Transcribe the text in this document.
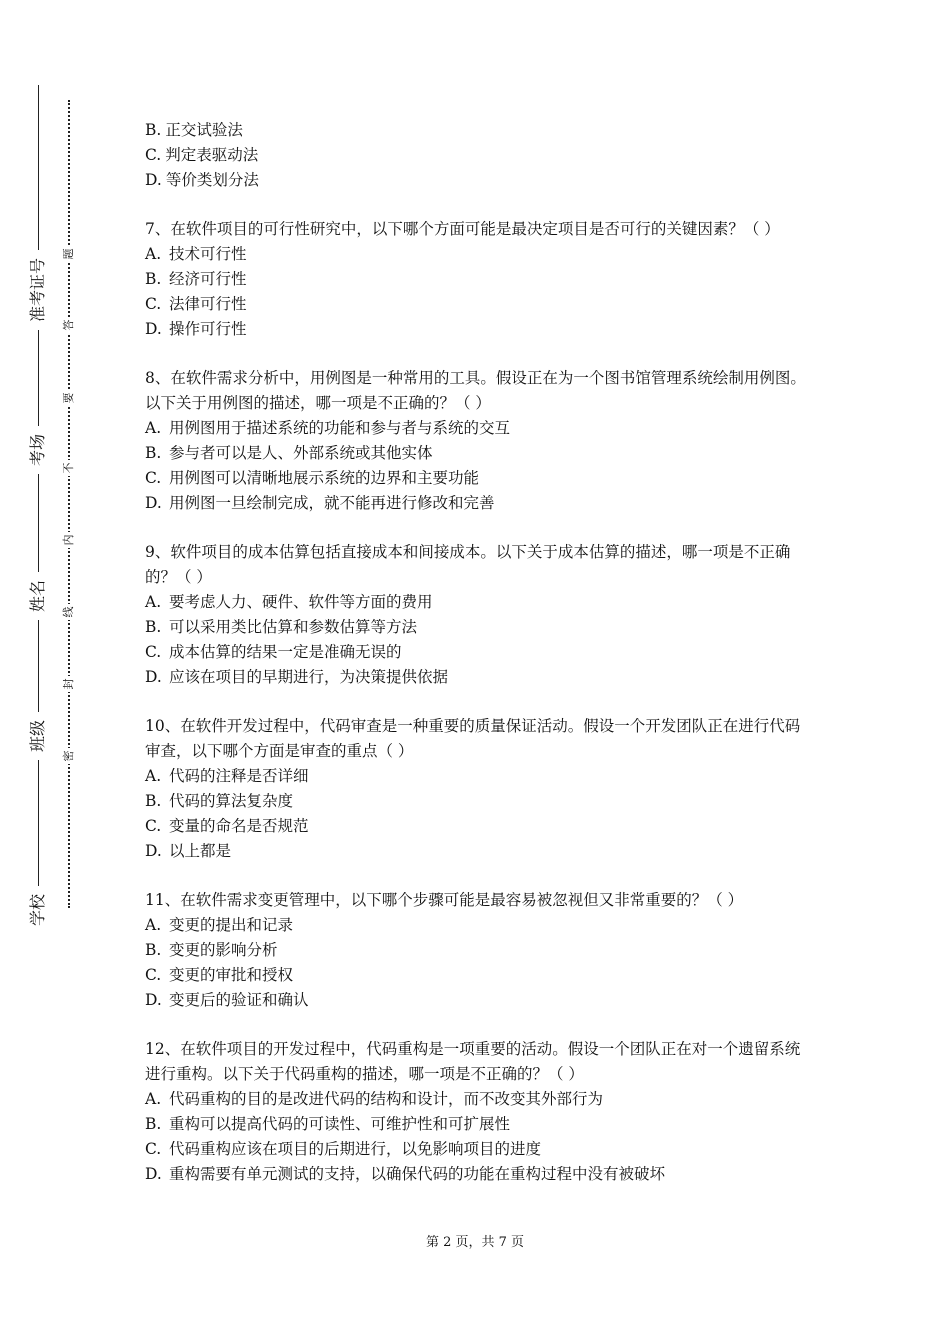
准考证号
考场
姓名
班级
学校
题
答
要
不
内
线
封
密
B. 正交试验法
C. 判定表驱动法
D. 等价类划分法
7、在软件项目的可行性研究中，以下哪个方面可能是最决定项目是否可行的关键因素？（ ）
A. 技术可行性
B. 经济可行性
C. 法律可行性
D. 操作可行性
8、在软件需求分析中，用例图是一种常用的工具。假设正在为一个图书馆管理系统绘制用例图。以下关于用例图的描述，哪一项是不正确的？（ ）
A. 用例图用于描述系统的功能和参与者与系统的交互
B. 参与者可以是人、外部系统或其他实体
C. 用例图可以清晰地展示系统的边界和主要功能
D. 用例图一旦绘制完成，就不能再进行修改和完善
9、软件项目的成本估算包括直接成本和间接成本。以下关于成本估算的描述，哪一项是不正确的？（ ）
A. 要考虑人力、硬件、软件等方面的费用
B. 可以采用类比估算和参数估算等方法
C. 成本估算的结果一定是准确无误的
D. 应该在项目的早期进行，为决策提供依据
10、在软件开发过程中，代码审查是一种重要的质量保证活动。假设一个开发团队正在进行代码审查，以下哪个方面是审查的重点（ ）
A. 代码的注释是否详细
B. 代码的算法复杂度
C. 变量的命名是否规范
D. 以上都是
11、在软件需求变更管理中，以下哪个步骤可能是最容易被忽视但又非常重要的？（ ）
A. 变更的提出和记录
B. 变更的影响分析
C. 变更的审批和授权
D. 变更后的验证和确认
12、在软件项目的开发过程中，代码重构是一项重要的活动。假设一个团队正在对一个遗留系统进行重构。以下关于代码重构的描述，哪一项是不正确的？（ ）
A. 代码重构的目的是改进代码的结构和设计，而不改变其外部行为
B. 重构可以提高代码的可读性、可维护性和可扩展性
C. 代码重构应该在项目的后期进行，以免影响项目的进度
D. 重构需要有单元测试的支持，以确保代码的功能在重构过程中没有被破坏
第 2 页，共 7 页
